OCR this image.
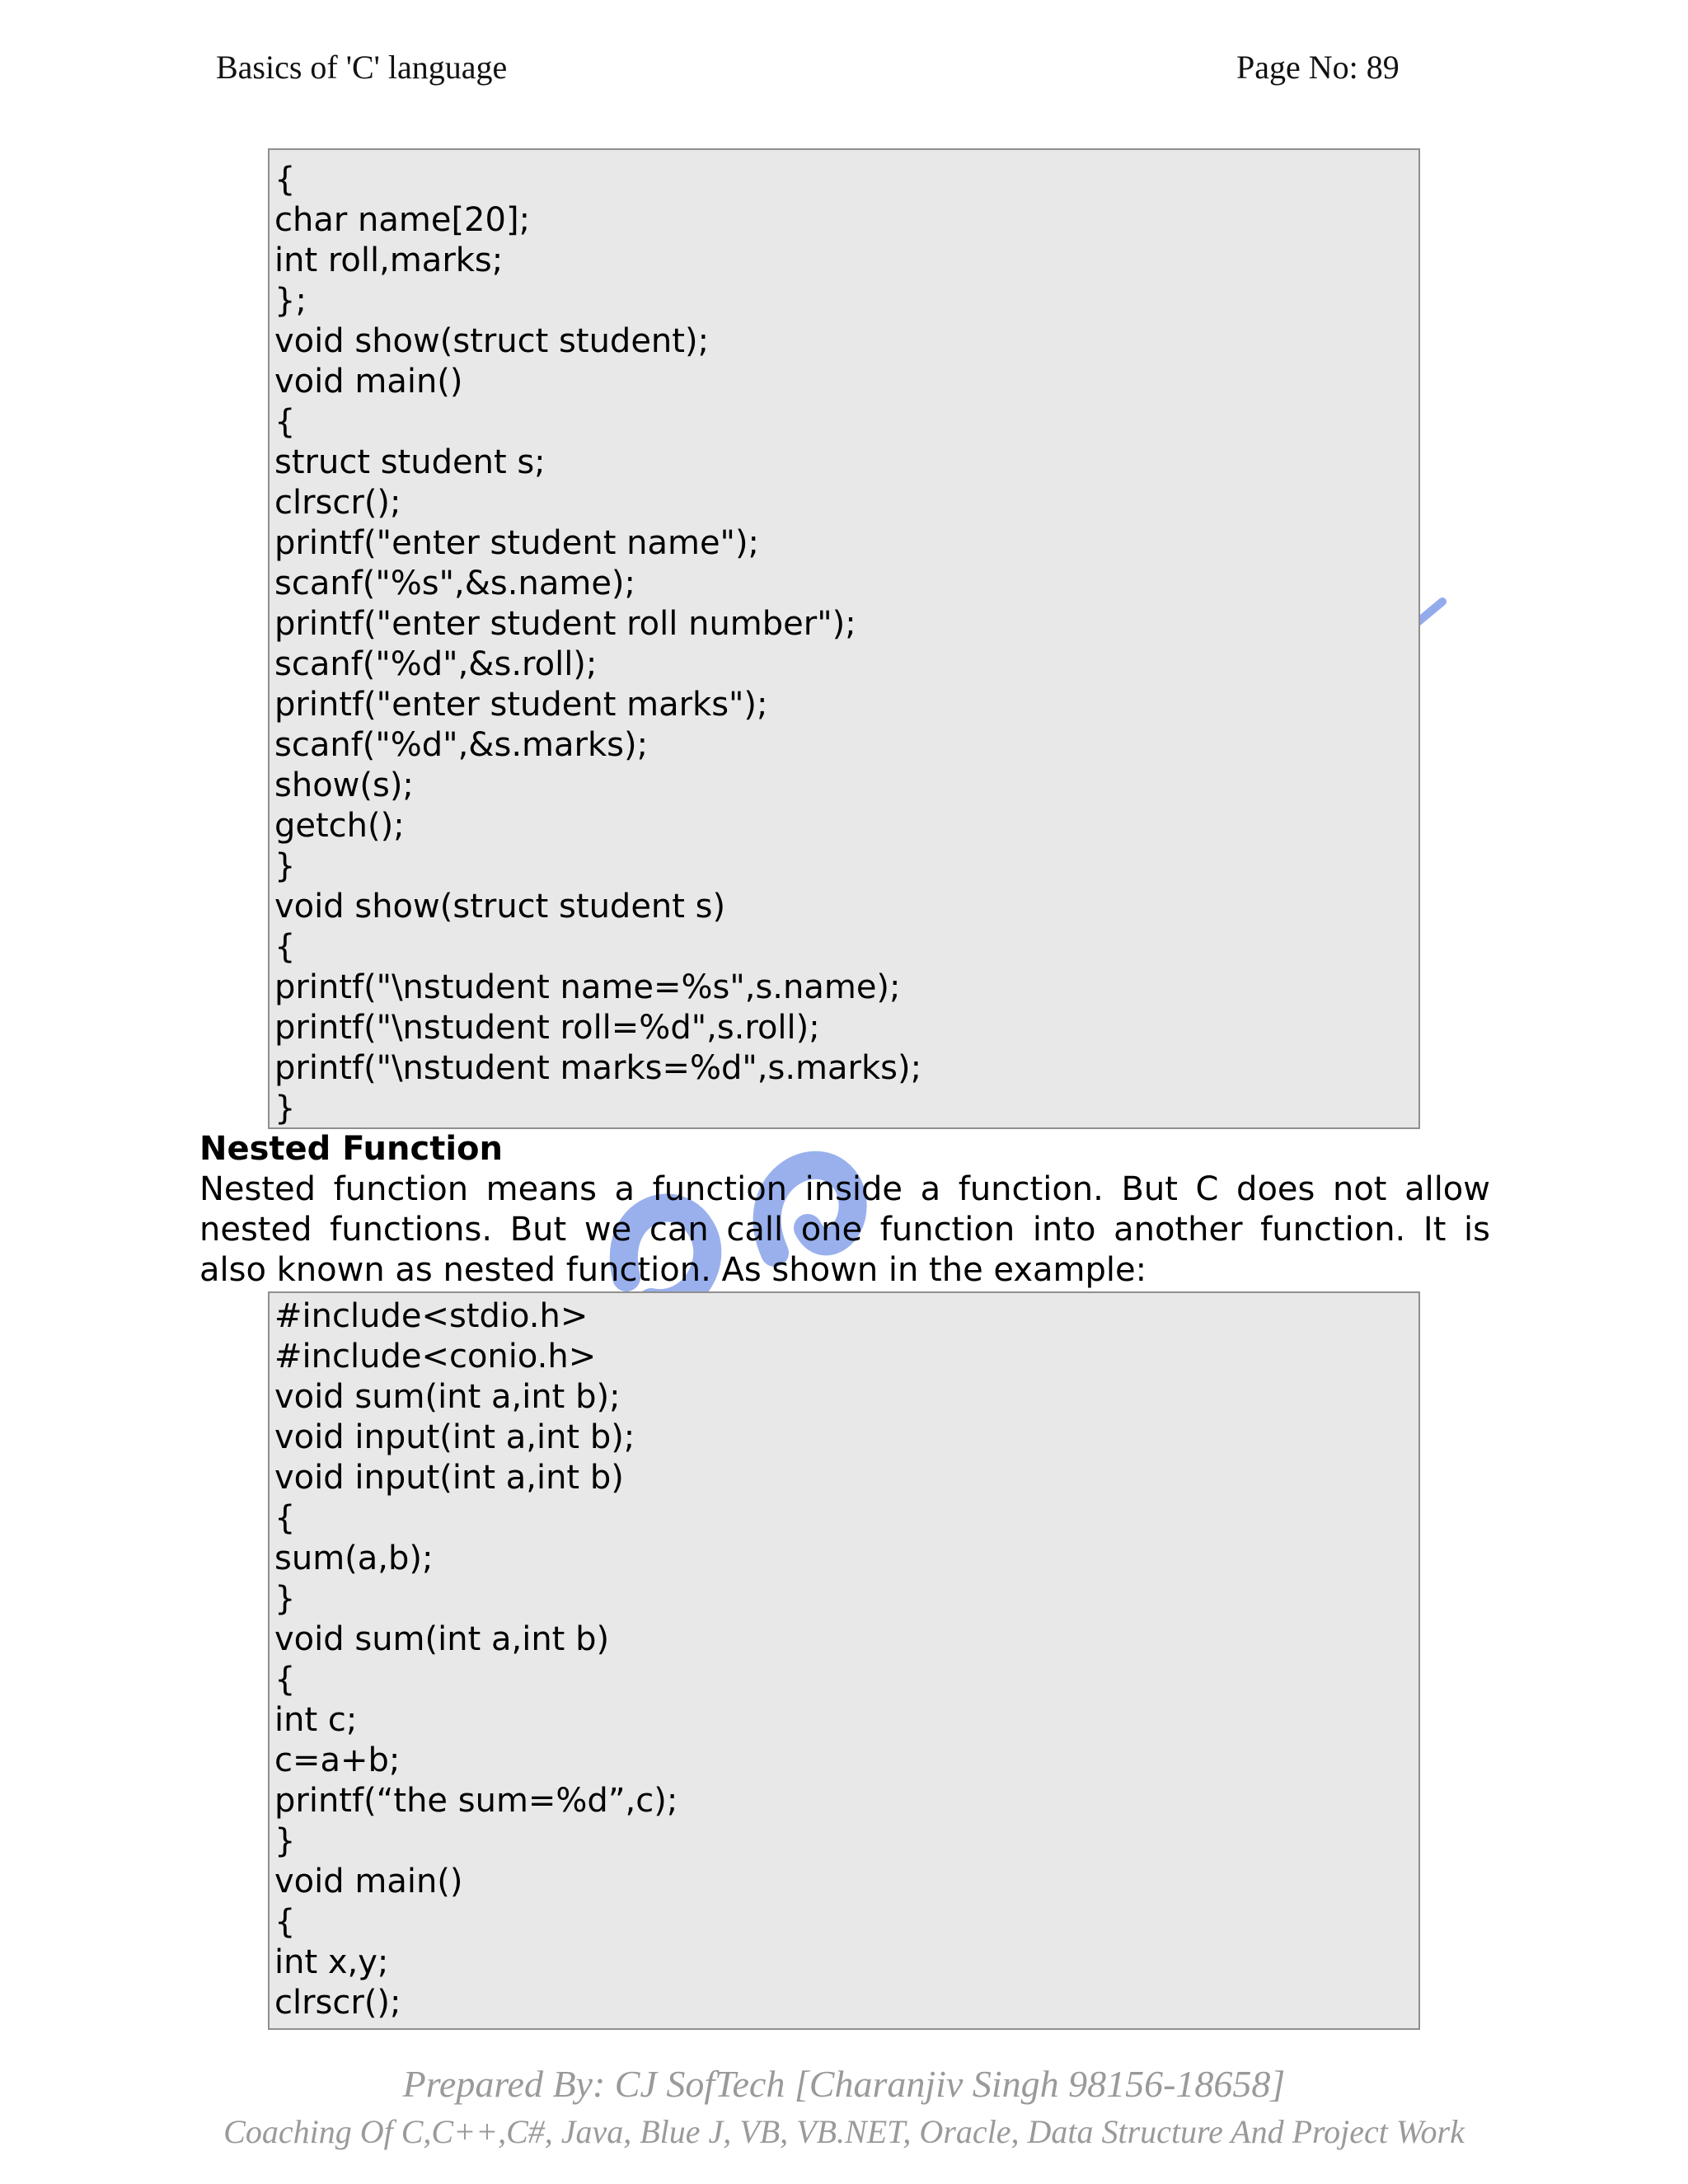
Basics of 'C' language	Page No: 89
{
char name[20];
int roll,marks;
};
void show(struct student);
void main()
{
struct student s;
clrscr();
printf("enter student name");
scanf("%s",&s.name);
printf("enter student roll number");
scanf("%d",&s.roll);
printf("enter student marks");
scanf("%d",&s.marks);
show(s);
getch();
}
void show(struct student s)
{
printf("\nstudent name=%s",s.name);
printf("\nstudent roll=%d",s.roll);
printf("\nstudent marks=%d",s.marks);
}
Nested Function
Nested function means a function inside a function. But C does not allow
nested functions. But we can call one function into another function. It is
also known as nested function. As shown in the example:
#include<stdio.h>
#include<conio.h>
void sum(int a,int b);
void input(int a,int b);
void input(int a,int b)
{
sum(a,b);
}
void sum(int a,int b)
{
int c;
c=a+b;
printf(“the sum=%d”,c);
}
void main()
{
int x,y;
clrscr();
Prepared By: CJ SofTech [Charanjiv Singh 98156-18658]
Coaching Of C,C++,C#, Java, Blue J, VB, VB.NET, Oracle, Data Structure And Project Work
